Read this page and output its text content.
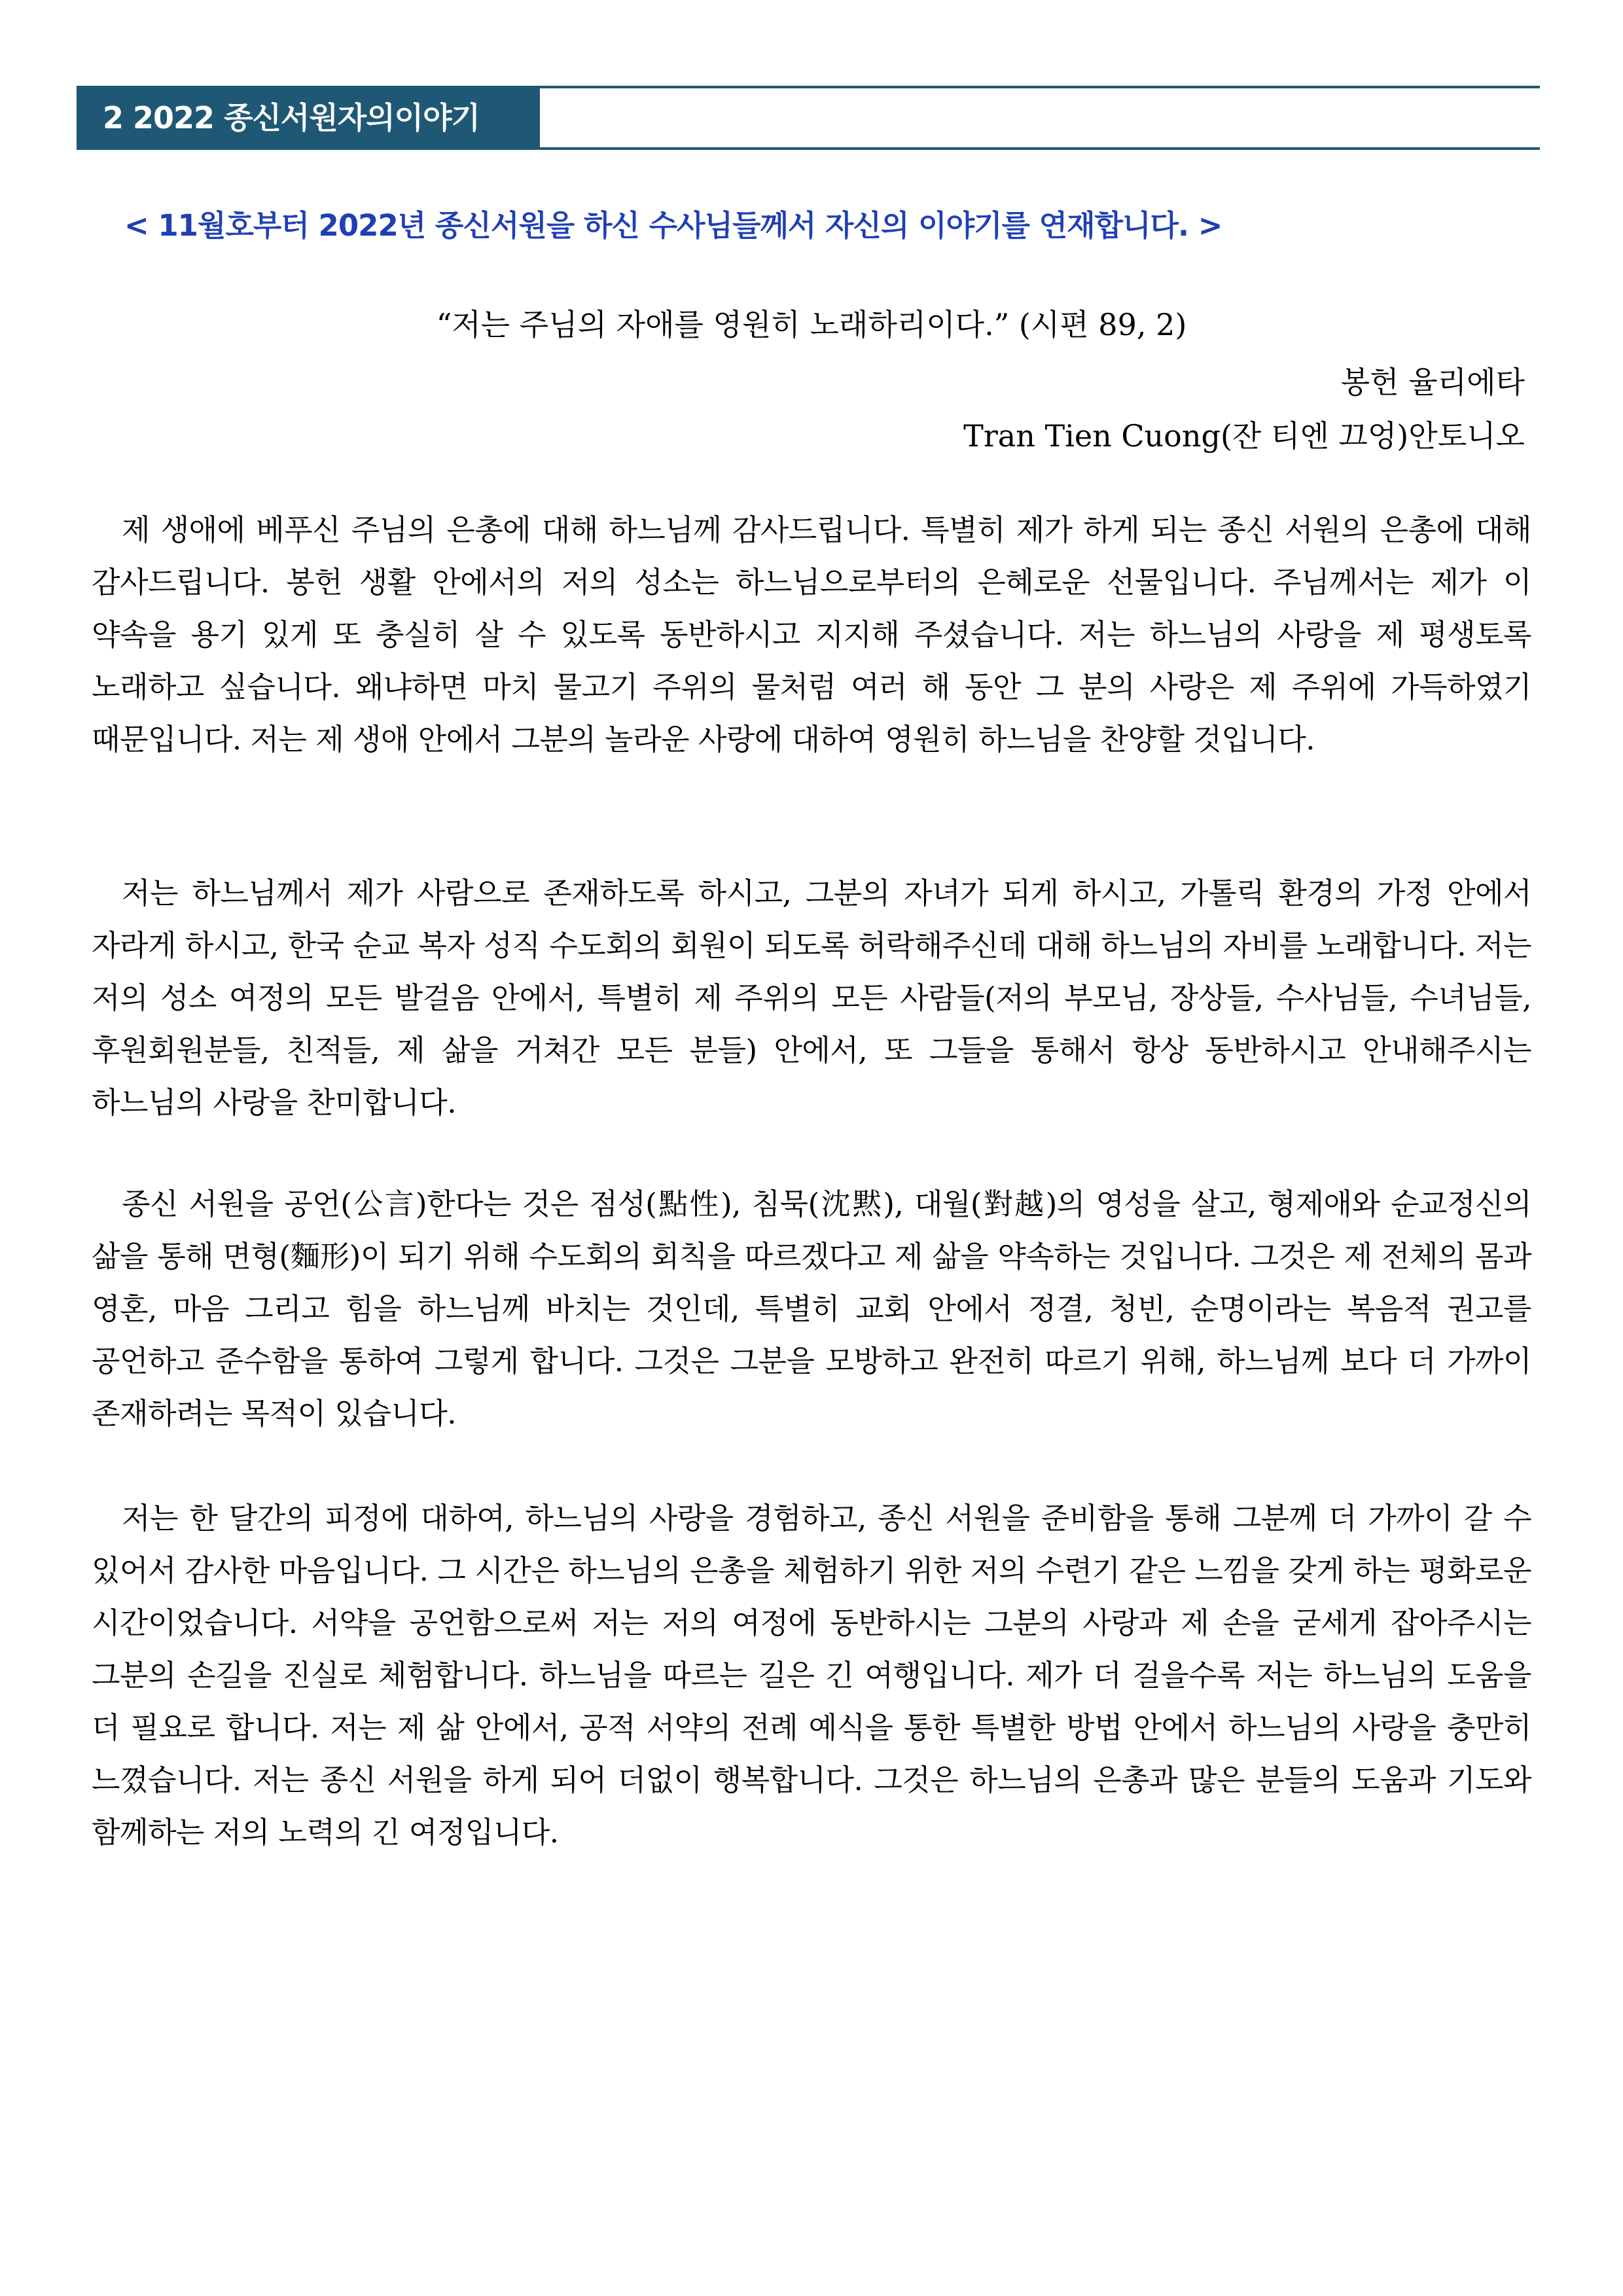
2 2022 종신서원자의이야기
< 11월호부터 2022년 종신서원을 하신 수사님들께서 자신의 이야기를 연재합니다. >
“저는 주님의 자애를 영원히 노래하리이다.” (시편 89, 2)
봉헌 율리에타
Tran Tien Cuong(잔 티엔 끄엉)안토니오

제 생애에 베푸신 주님의 은총에 대해 하느님께 감사드립니다. 특별히 제가 하게 되는 종신 서원의 은총에 대해 감사드립니다. 봉헌 생활 안에서의 저의 성소는 하느님으로부터의 은혜로운 선물입니다. 주님께서는 제가 이 약속을 용기 있게 또 충실히 살 수 있도록 동반하시고 지지해 주셨습니다. 저는 하느님의 사랑을 제 평생토록 노래하고 싶습니다. 왜냐하면 마치 물고기 주위의 물처럼 여러 해 동안 그 분의 사랑은 제 주위에 가득하였기 때문입니다. 저는 제 생애 안에서 그분의 놀라운 사랑에 대하여 영원히 하느님을 찬양할 것입니다.

저는 하느님께서 제가 사람으로 존재하도록 하시고, 그분의 자녀가 되게 하시고, 가톨릭 환경의 가정 안에서 자라게 하시고, 한국 순교 복자 성직 수도회의 회원이 되도록 허락해주신데 대해 하느님의 자비를 노래합니다. 저는 저의 성소 여정의 모든 발걸음 안에서, 특별히 제 주위의 모든 사람들(저의 부모님, 장상들, 수사님들, 수녀님들, 후원회원분들, 친적들, 제 삶을 거쳐간 모든 분들) 안에서, 또 그들을 통해서 항상 동반하시고 안내해주시는 하느님의 사랑을 찬미합니다.

종신 서원을 공언(公言)한다는 것은 점성(點性), 침묵(沈黙), 대월(對越)의 영성을 살고, 형제애와 순교정신의 삶을 통해 면형(麵形)이 되기 위해 수도회의 회칙을 따르겠다고 제 삶을 약속하는 것입니다. 그것은 제 전체의 몸과 영혼, 마음 그리고 힘을 하느님께 바치는 것인데, 특별히 교회 안에서 정결, 청빈, 순명이라는 복음적 권고를 공언하고 준수함을 통하여 그렇게 합니다. 그것은 그분을 모방하고 완전히 따르기 위해, 하느님께 보다 더 가까이 존재하려는 목적이 있습니다.

저는 한 달간의 피정에 대하여, 하느님의 사랑을 경험하고, 종신 서원을 준비함을 통해 그분께 더 가까이 갈 수 있어서 감사한 마음입니다. 그 시간은 하느님의 은총을 체험하기 위한 저의 수련기 같은 느낌을 갖게 하는 평화로운 시간이었습니다. 서약을 공언함으로써 저는 저의 여정에 동반하시는 그분의 사랑과 제 손을 굳세게 잡아주시는 그분의 손길을 진실로 체험합니다. 하느님을 따르는 길은 긴 여행입니다. 제가 더 걸을수록 저는 하느님의 도움을 더 필요로 합니다. 저는 제 삶 안에서, 공적 서약의 전례 예식을 통한 특별한 방법 안에서 하느님의 사랑을 충만히 느꼈습니다. 저는 종신 서원을 하게 되어 더없이 행복합니다. 그것은 하느님의 은총과 많은 분들의 도움과 기도와 함께하는 저의 노력의 긴 여정입니다.
